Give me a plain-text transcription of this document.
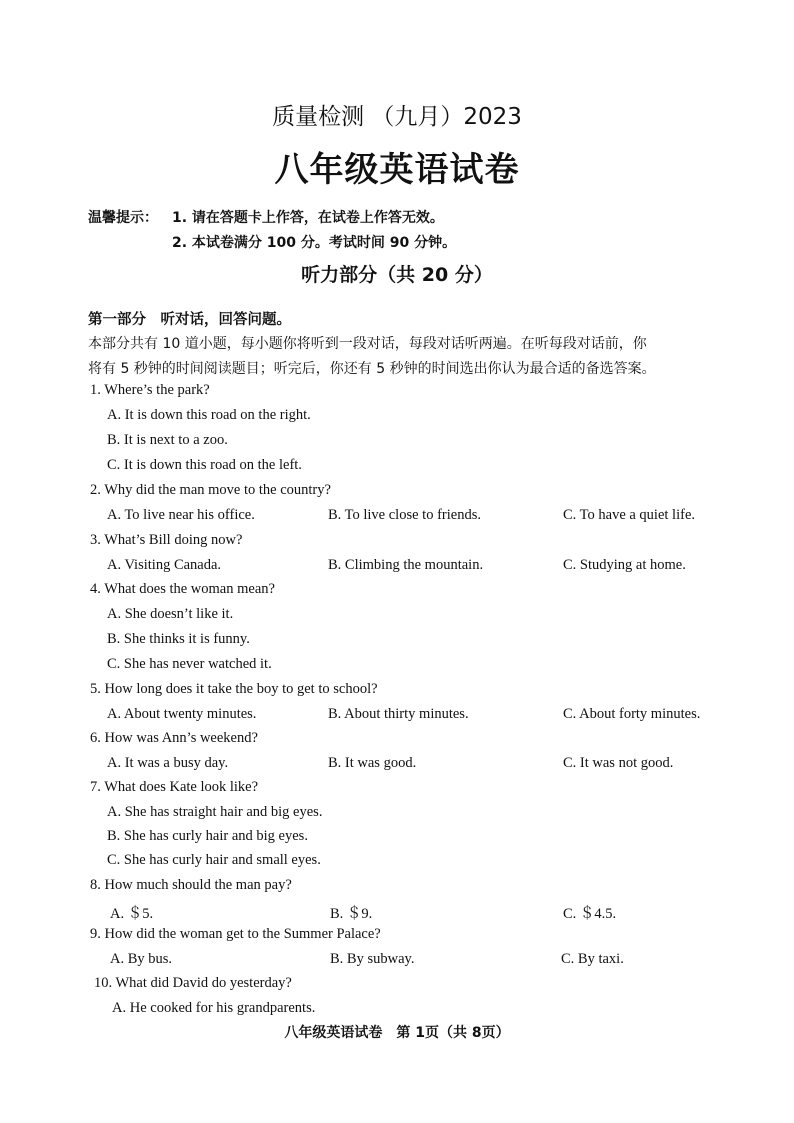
质量检测 （九月）2023
八年级英语试卷
温馨提示： 1. 请在答题卡上作答，在试卷上作答无效。
2. 本试卷满分 100 分。考试时间 90 分钟。
听力部分（共 20 分）
第一部分　听对话，回答问题。
本部分共有 10 道小题，每小题你将听到一段对话，每段对话听两遍。在听每段对话前，你
将有 5 秒钟的时间阅读题目；听完后，你还有 5 秒钟的时间选出你认为最合适的备选答案。
1. Where’s the park?
A. It is down this road on the right.
B. It is next to a zoo.
C. It is down this road on the left.
2. Why did the man move to the country?
A. To live near his office.	B. To live close to friends.	C. To have a quiet life.
3. What’s Bill doing now?
A. Visiting Canada.	B. Climbing the mountain.	C. Studying at home.
4. What does the woman mean?
A. She doesn’t like it.
B. She thinks it is funny.
C. She has never watched it.
5. How long does it take the boy to get to school?
A. About twenty minutes.	B. About thirty minutes.	C. About forty minutes.
6. How was Ann’s weekend?
A. It was a busy day.	B. It was good.	C. It was not good.
7. What does Kate look like?
A. She has straight hair and big eyes.
B. She has curly hair and big eyes.
C. She has curly hair and small eyes.
8. How much should the man pay?
A. ＄5.	B. ＄9.	C. ＄4.5.
9. How did the woman get to the Summer Palace?
A. By bus.	B. By subway.	C. By taxi.
10. What did David do yesterday?
A. He cooked for his grandparents.
八年级英语试卷　第 1页（共 8页）
